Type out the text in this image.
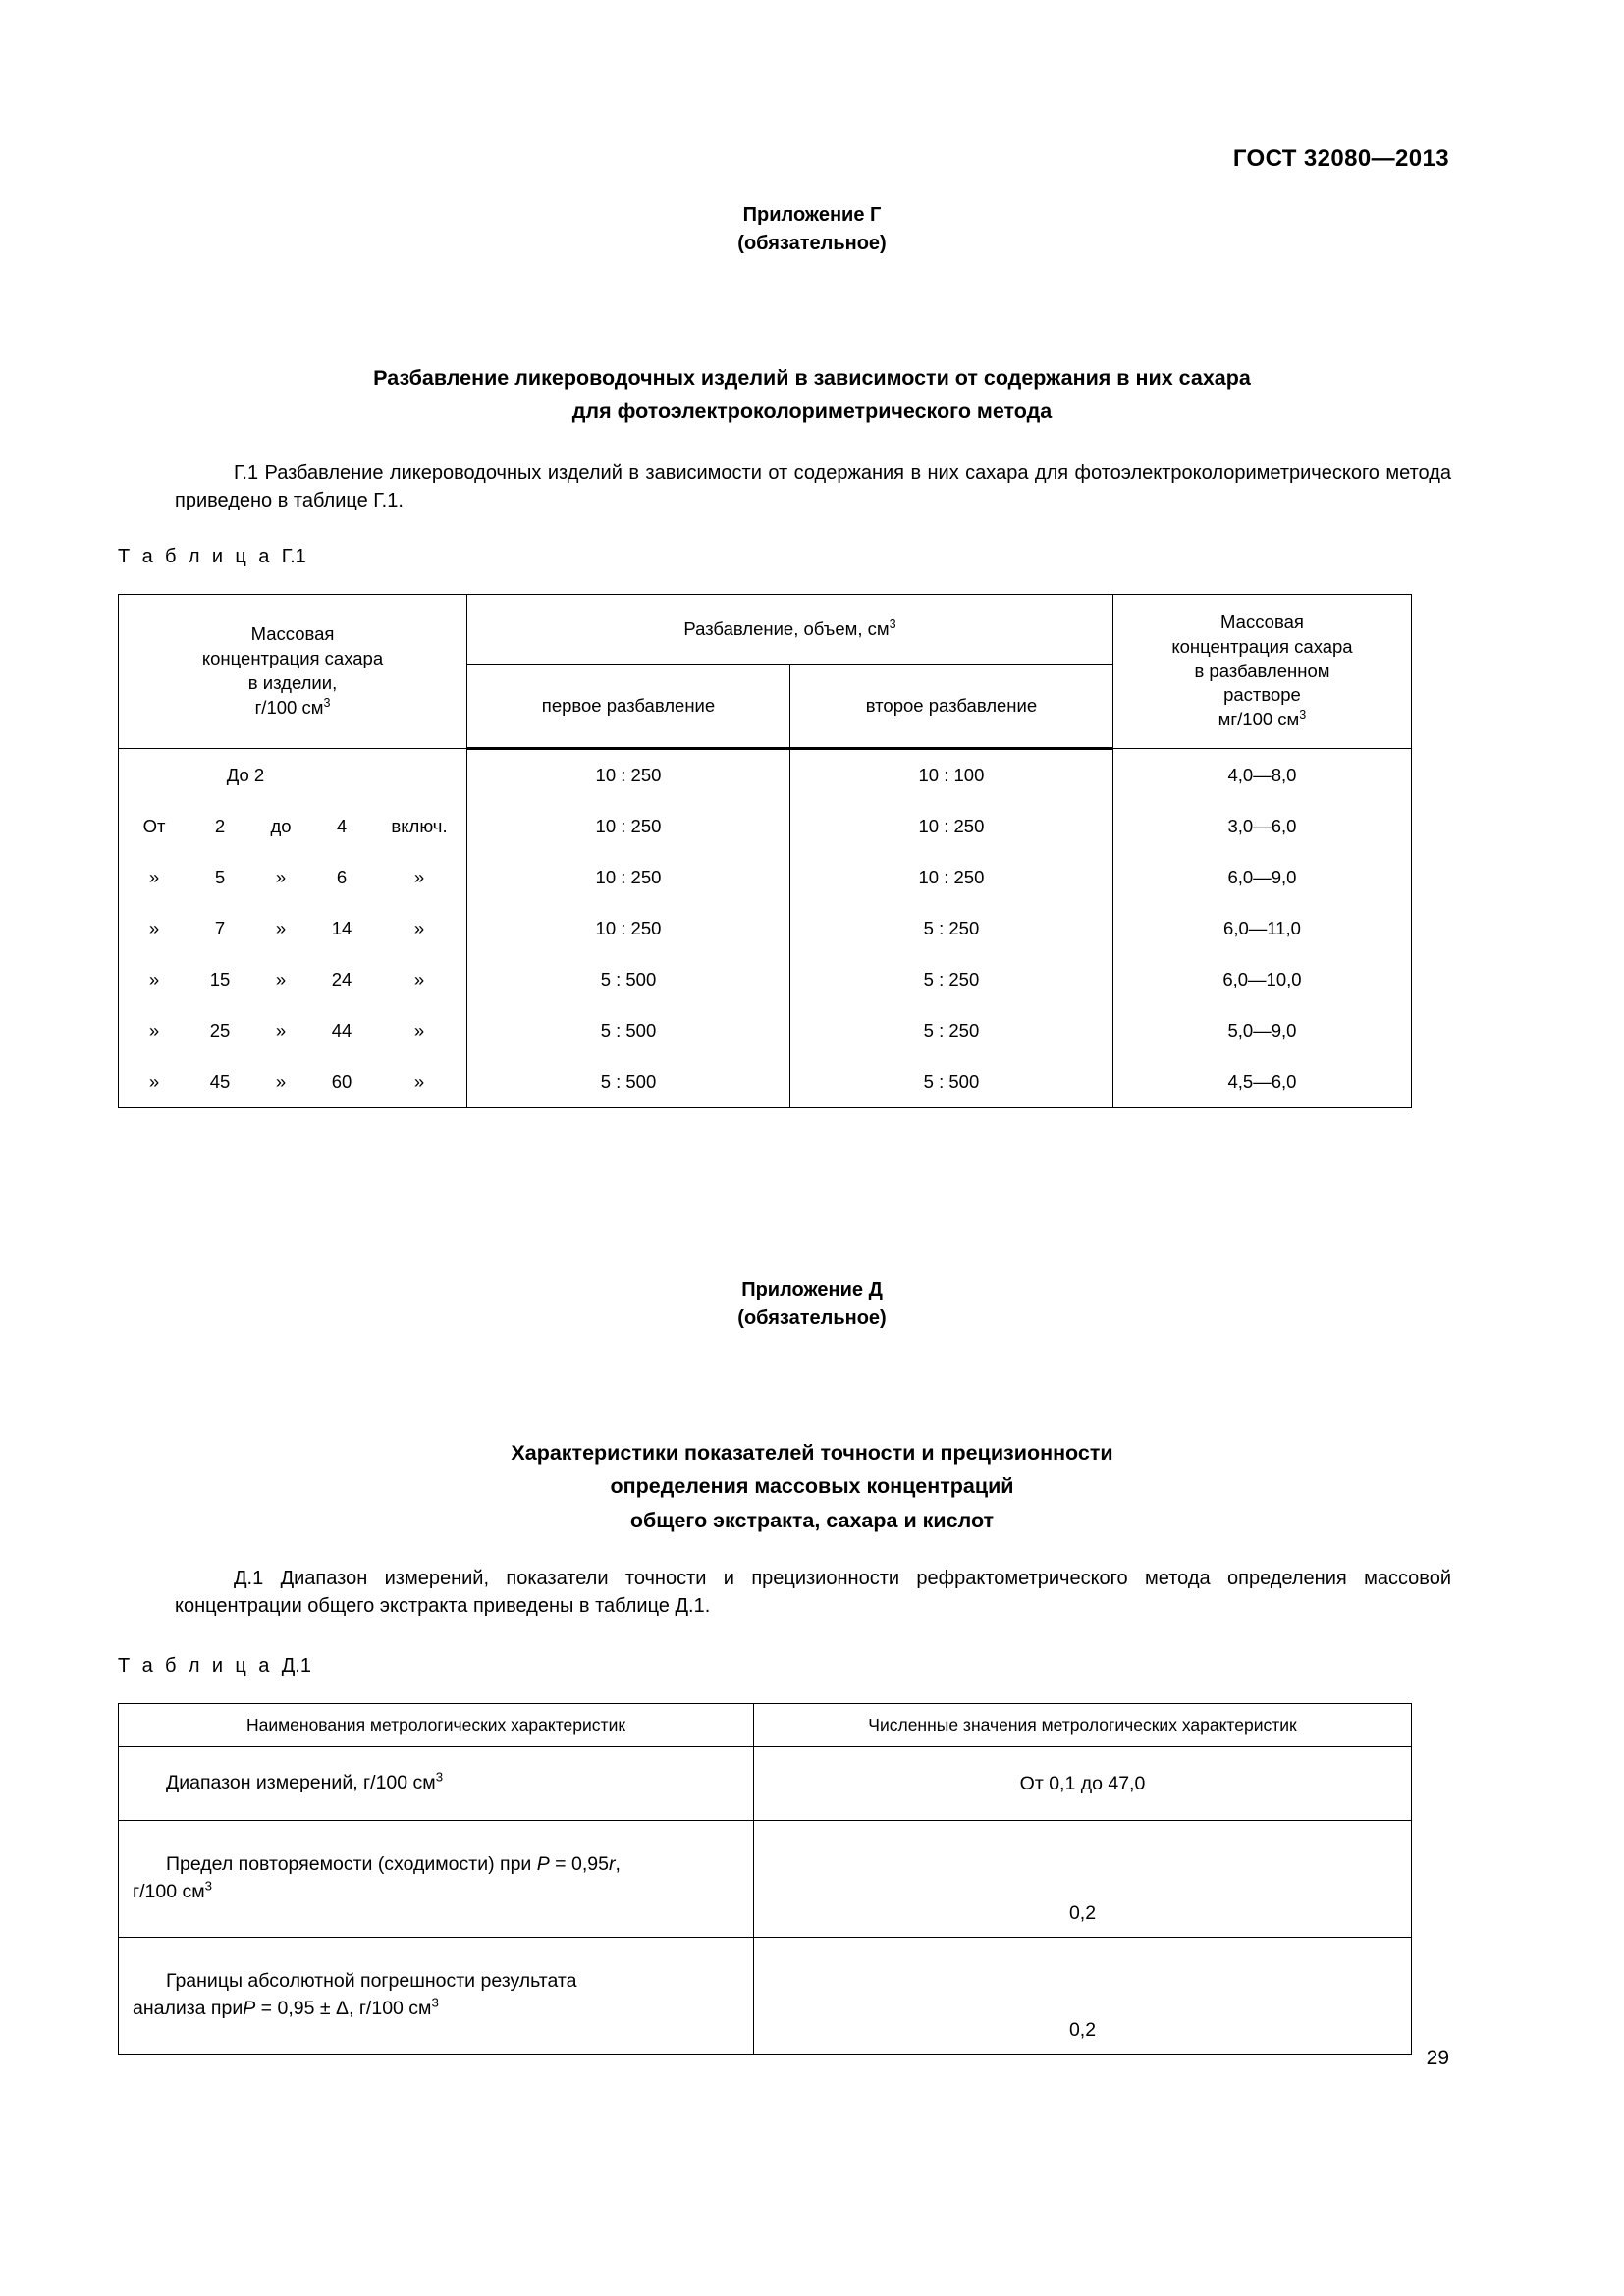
ГОСТ 32080—2013
Приложение Г
(обязательное)
Разбавление ликероводочных изделий в зависимости от содержания в них сахара
для фотоэлектроколориметрического метода
Г.1 Разбавление ликероводочных изделий в зависимости от содержания в них сахара для фотоэлектроколориметрического метода приведено в таблице Г.1.
Т а б л и ц а Г.1
Массовая
концентрация сахара
в изделии,
г/100 $см^3$	Разбавление, объем, $см^3$		Массовая
концентрация сахара
в разбавленном
растворе
мг/100 $см^3$
	первое разбавление	второе разбавление	

До 2	10 : 250	10 : 100	4,0—8,0

От 2 до 4 включ.	10 : 250	10 : 250	3,0—6,0

» 5 » 6 »	10 : 250	10 : 250	6,0—9,0

» 7 » 14 »	10 : 250	5 : 250	6,0—11,0

» 15 » 24 »	5 : 500	5 : 250	6,0—10,0

» 25 » 44 »	5 : 500	5 : 250	5,0—9,0

» 45 » 60 »	5 : 500	5 : 500	4,5—6,0
Приложение Д
(обязательное)
Характеристики показателей точности и прецизионности
определения массовых концентраций
общего экстракта, сахара и кислот
Д.1 Диапазон измерений, показатели точности и прецизионности рефрактометрического метода определения массовой концентрации общего экстракта приведены в таблице Д.1.
Т а б л и ц а Д.1
Наименования метрологических характеристик	Численные значения метрологических характеристик
Диапазон измерений, г/100 $см^3$	От 0,1 до 47,0
Предел повторяемости (сходимости) при P = 0,95r,
г/100 $см^3$	0,2
Границы абсолютной погрешности результата
анализа приP = 0,95 ± Δ, г/100 $см^3$	0,2
29
